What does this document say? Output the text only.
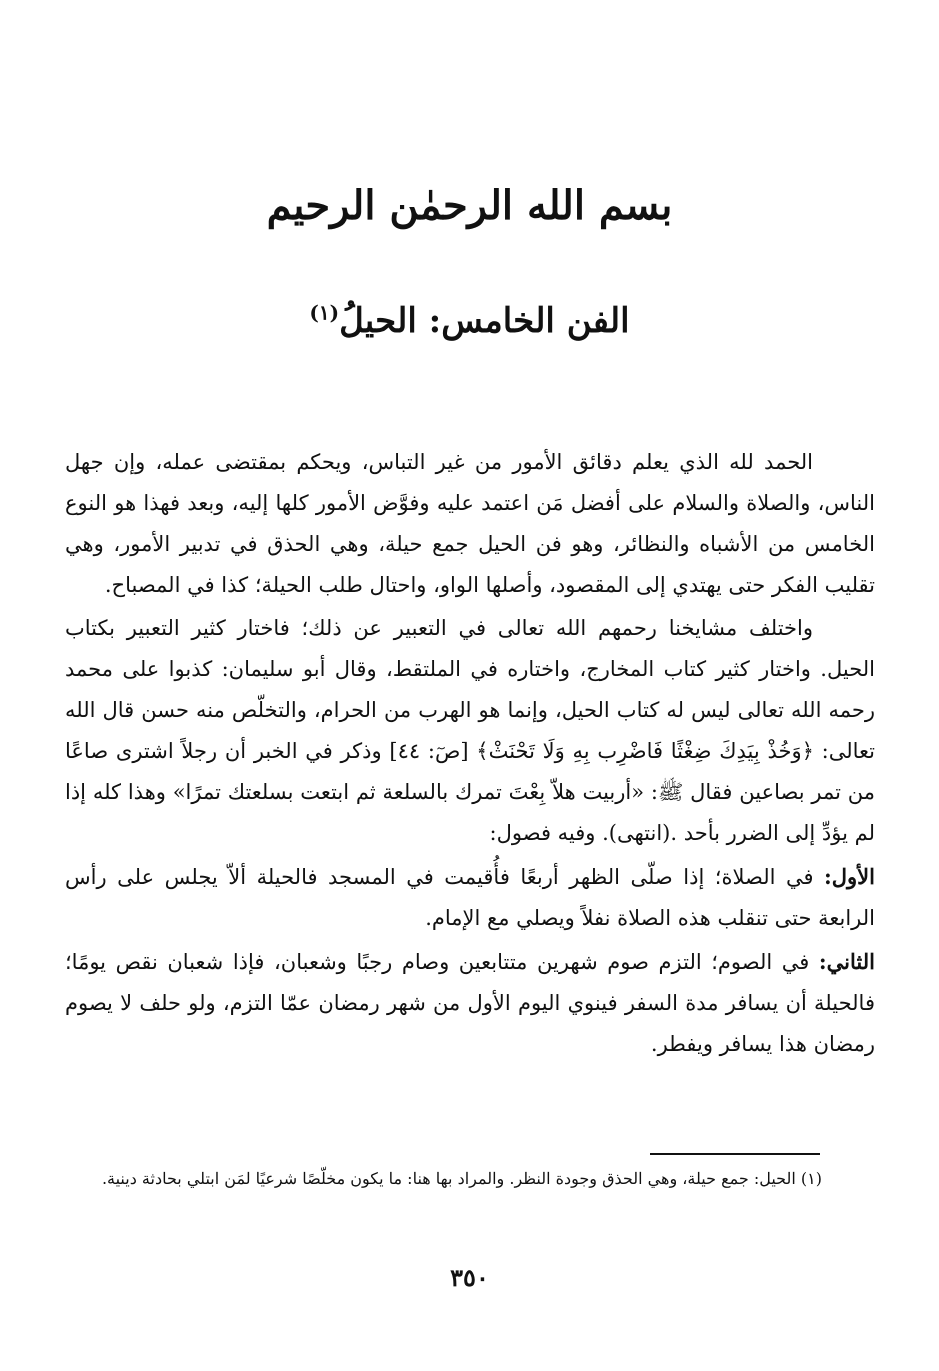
بسم الله الرحمٰن الرحيم
الفن الخامس: الحيلُ$^{(١)}$

الحمد لله الذي يعلم دقائق الأمور من غير التباس، ويحكم بمقتضى عمله، وإن جهل الناس، والصلاة والسلام على أفضل مَن اعتمد عليه وفوَّض الأمور كلها إليه، وبعد فهذا هو النوع الخامس من الأشباه والنظائر، وهو فن الحيل جمع حيلة، وهي الحذق في تدبير الأمور، وهي تقليب الفكر حتى يهتدي إلى المقصود، وأصلها الواو، واحتال طلب الحيلة؛ كذا في المصباح.

واختلف مشايخنا رحمهم الله تعالى في التعبير عن ذلك؛ فاختار كثير التعبير بكتاب الحيل. واختار كثير كتاب المخارج، واختاره في الملتقط، وقال أبو سليمان: كذبوا على محمد رحمه الله تعالى ليس له كتاب الحيل، وإنما هو الهرب من الحرام، والتخلّص منه حسن قال الله تعالى: ﴿وَخُذْ بِيَدِكَ ضِغْثًا فَاضْرِب بِهِ وَلَا تَحْنَثْ﴾ [صٓ: ٤٤] وذكر في الخبر أن رجلاً اشترى صاعًا من تمر بصاعين فقال ﷺ: «أربيت هلاّ بِعْتَ تمرك بالسلعة ثم ابتعت بسلعتك تمرًا» وهذا كله إذا لم يؤدِّ إلى الضرر بأحد .(انتهى). وفيه فصول:

الأول: في الصلاة؛ إذا صلّى الظهر أربعًا فأُقيمت في المسجد فالحيلة ألاّ يجلس على رأس الرابعة حتى تنقلب هذه الصلاة نفلاً ويصلي مع الإمام.

الثاني: في الصوم؛ التزم صوم شهرين متتابعين وصام رجبًا وشعبان، فإذا شعبان نقص يومًا؛ فالحيلة أن يسافر مدة السفر فينوي اليوم الأول من شهر رمضان عمّا التزم، ولو حلف لا يصوم رمضان هذا يسافر ويفطر.

(١) الحيل: جمع حيلة، وهي الحذق وجودة النظر. والمراد بها هنا: ما يكون مخلّصًا شرعيًا لمَن ابتلي بحادثة دينية.
٣٥٠
